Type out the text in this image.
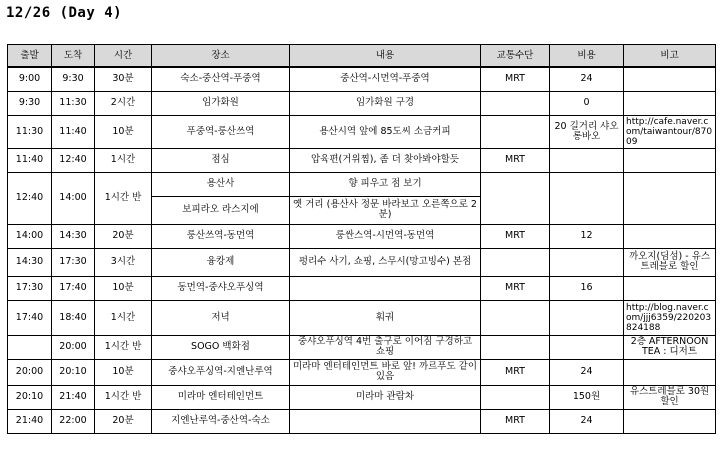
12/26 (Day 4)
출발	도착	시간	장소	내용	교통수단	비용	비고
9:00	9:30	30분	숙소-중산역-푸중역	중산역-시먼역-푸중역	MRT	24	
9:30	11:30	2시간	임가화원	임가화원 구경		0	
11:30	11:40	10분	푸중역-룽산쓰역	용산시역 앞에 85도씨 소금커피		20 길거리 샤오롱바오	http://cafe.naver.com/taiwantour/87009
11:40	12:40	1시간	점심	압육편(거위찜), 좀 더 찾아봐야할듯	MRT		
12:40	14:00	1시간 반	용산사	향 피우고 점 보기			
			보피라오 라스지에	옛 거리 (용산사 정문 바라보고 오른쪽으로 2분)			
14:00	14:30	20분	룽산쓰역-동먼역	룽싼스역-시먼역-동먼역	MRT	12	
14:30	17:30	3시간	융캉제	펑리수 사기, 쇼핑, 스무시(망고빙수) 본점			까오지(딤섬) - 유스트레블로 할인
17:30	17:40	10분	동먼역-중샤오푸싱역		MRT	16	
17:40	18:40	1시간	저녁	훠궈			http://blog.naver.com/jjj6359/220203824188
	20:00	1시간 반	SOGO 백화점	중샤오푸싱역 4번 출구로 이어짐 구경하고 쇼핑			2층 AFTERNOON TEA : 디저트
20:00	20:10	10분	중샤오푸싱역-지엔난루역	미라마 엔터테인먼트 바로 앞! 까르푸도 같이 있음	MRT	24	
20:10	21:40	1시간 반	미라마 엔터테인먼트	미라마 관람차		150원	유스트레블로 30원 할인
21:40	22:00	20분	지엔난루역-중산역-숙소		MRT	24	
